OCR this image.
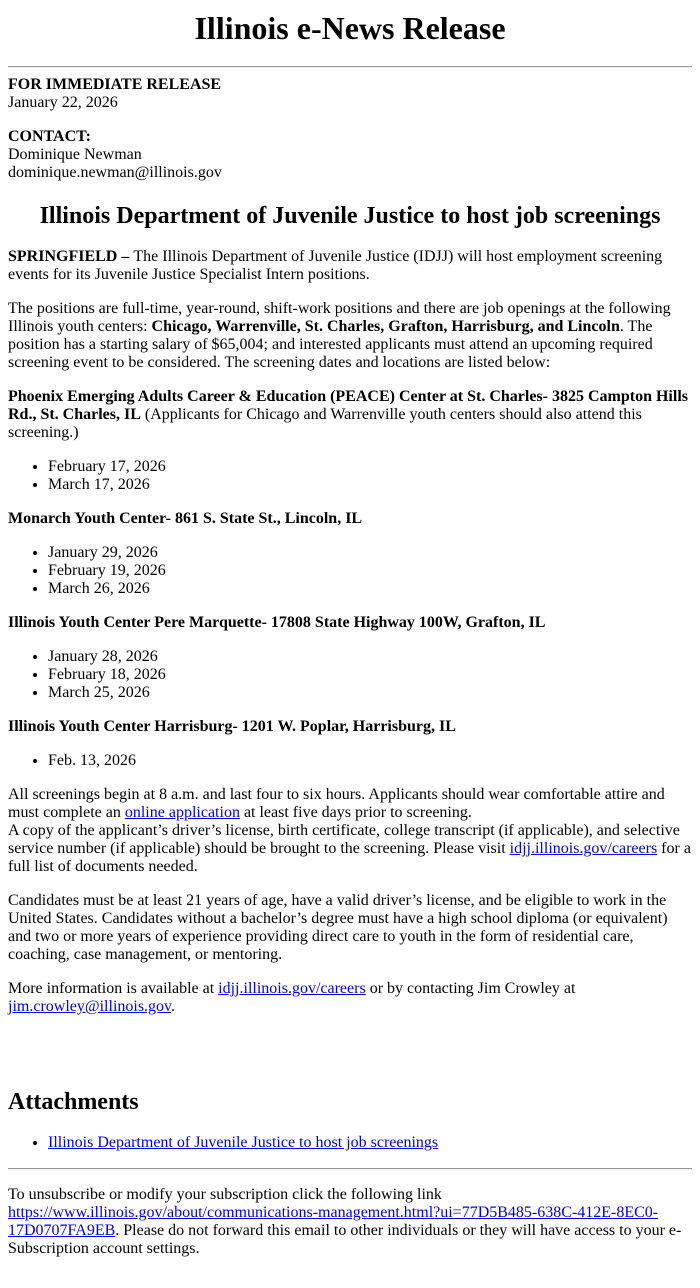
Illinois e-News Release
FOR IMMEDIATE RELEASE
January 22, 2026

CONTACT:
Dominique Newman
dominique.newman@illinois.gov

Illinois Department of Juvenile Justice to host job screenings

SPRINGFIELD – The Illinois Department of Juvenile Justice (IDJJ) will host employment screening events for its Juvenile Justice Specialist Intern positions.

The positions are full-time, year-round, shift-work positions and there are job openings at the following Illinois youth centers: Chicago, Warrenville, St. Charles, Grafton, Harrisburg, and Lincoln. The position has a starting salary of $65,004; and interested applicants must attend an upcoming required screening event to be considered. The screening dates and locations are listed below:

Phoenix Emerging Adults Career & Education (PEACE) Center at St. Charles- 3825 Campton Hills Rd., St. Charles, IL (Applicants for Chicago and Warrenville youth centers should also attend this screening.)

• February 17, 2026
• March 17, 2026

Monarch Youth Center- 861 S. State St., Lincoln, IL

• January 29, 2026
• February 19, 2026
• March 26, 2026

Illinois Youth Center Pere Marquette- 17808 State Highway 100W, Grafton, IL

• January 28, 2026
• February 18, 2026
• March 25, 2026

Illinois Youth Center Harrisburg- 1201 W. Poplar, Harrisburg, IL

• Feb. 13, 2026

All screenings begin at 8 a.m. and last four to six hours. Applicants should wear comfortable attire and must complete an online application at least five days prior to screening.
A copy of the applicant’s driver’s license, birth certificate, college transcript (if applicable), and selective service number (if applicable) should be brought to the screening. Please visit idjj.illinois.gov/careers for a full list of documents needed.

Candidates must be at least 21 years of age, have a valid driver’s license, and be eligible to work in the United States. Candidates without a bachelor’s degree must have a high school diploma (or equivalent) and two or more years of experience providing direct care to youth in the form of residential care, coaching, case management, or mentoring.

More information is available at idjj.illinois.gov/careers or by contacting Jim Crowley at jim.crowley@illinois.gov.

Attachments
• Illinois Department of Juvenile Justice to host job screenings

To unsubscribe or modify your subscription click the following link https://www.illinois.gov/about/communications-management.html?ui=77D5B485-638C-412E-8EC0-17D0707FA9EB. Please do not forward this email to other individuals or they will have access to your e-Subscription account settings.
